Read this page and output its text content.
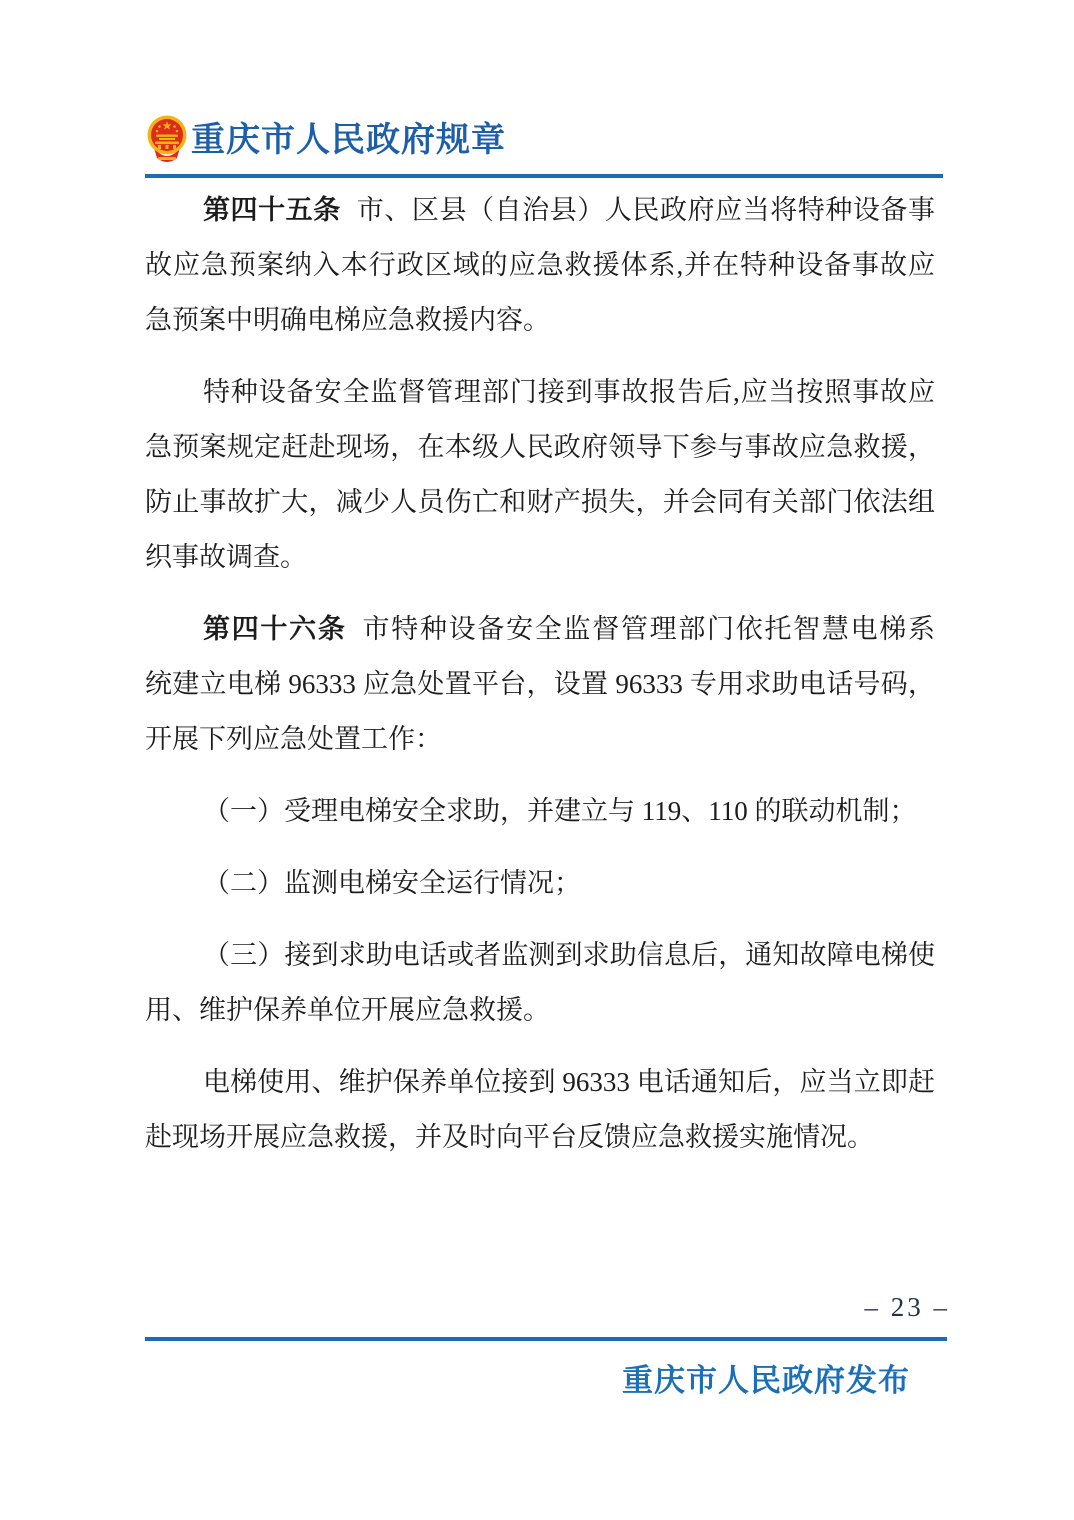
重庆市人民政府规章
第四十五条 市、区县（自治县）人民政府应当将特种设备事
故应急预案纳入本行政区域的应急救援体系,并在特种设备事故应
急预案中明确电梯应急救援内容。
特种设备安全监督管理部门接到事故报告后,应当按照事故应
急预案规定赶赴现场，在本级人民政府领导下参与事故应急救援，
防止事故扩大，减少人员伤亡和财产损失，并会同有关部门依法组
织事故调查。
第四十六条 市特种设备安全监督管理部门依托智慧电梯系
统建立电梯 96333 应急处置平台，设置 96333 专用求助电话号码，
开展下列应急处置工作：
（一）受理电梯安全求助，并建立与 119、110 的联动机制；
（二）监测电梯安全运行情况；
（三）接到求助电话或者监测到求助信息后，通知故障电梯使
用、维护保养单位开展应急救援。
电梯使用、维护保养单位接到 96333 电话通知后，应当立即赶
赴现场开展应急救援，并及时向平台反馈应急救援实施情况。
– 23 –
重庆市人民政府发布
